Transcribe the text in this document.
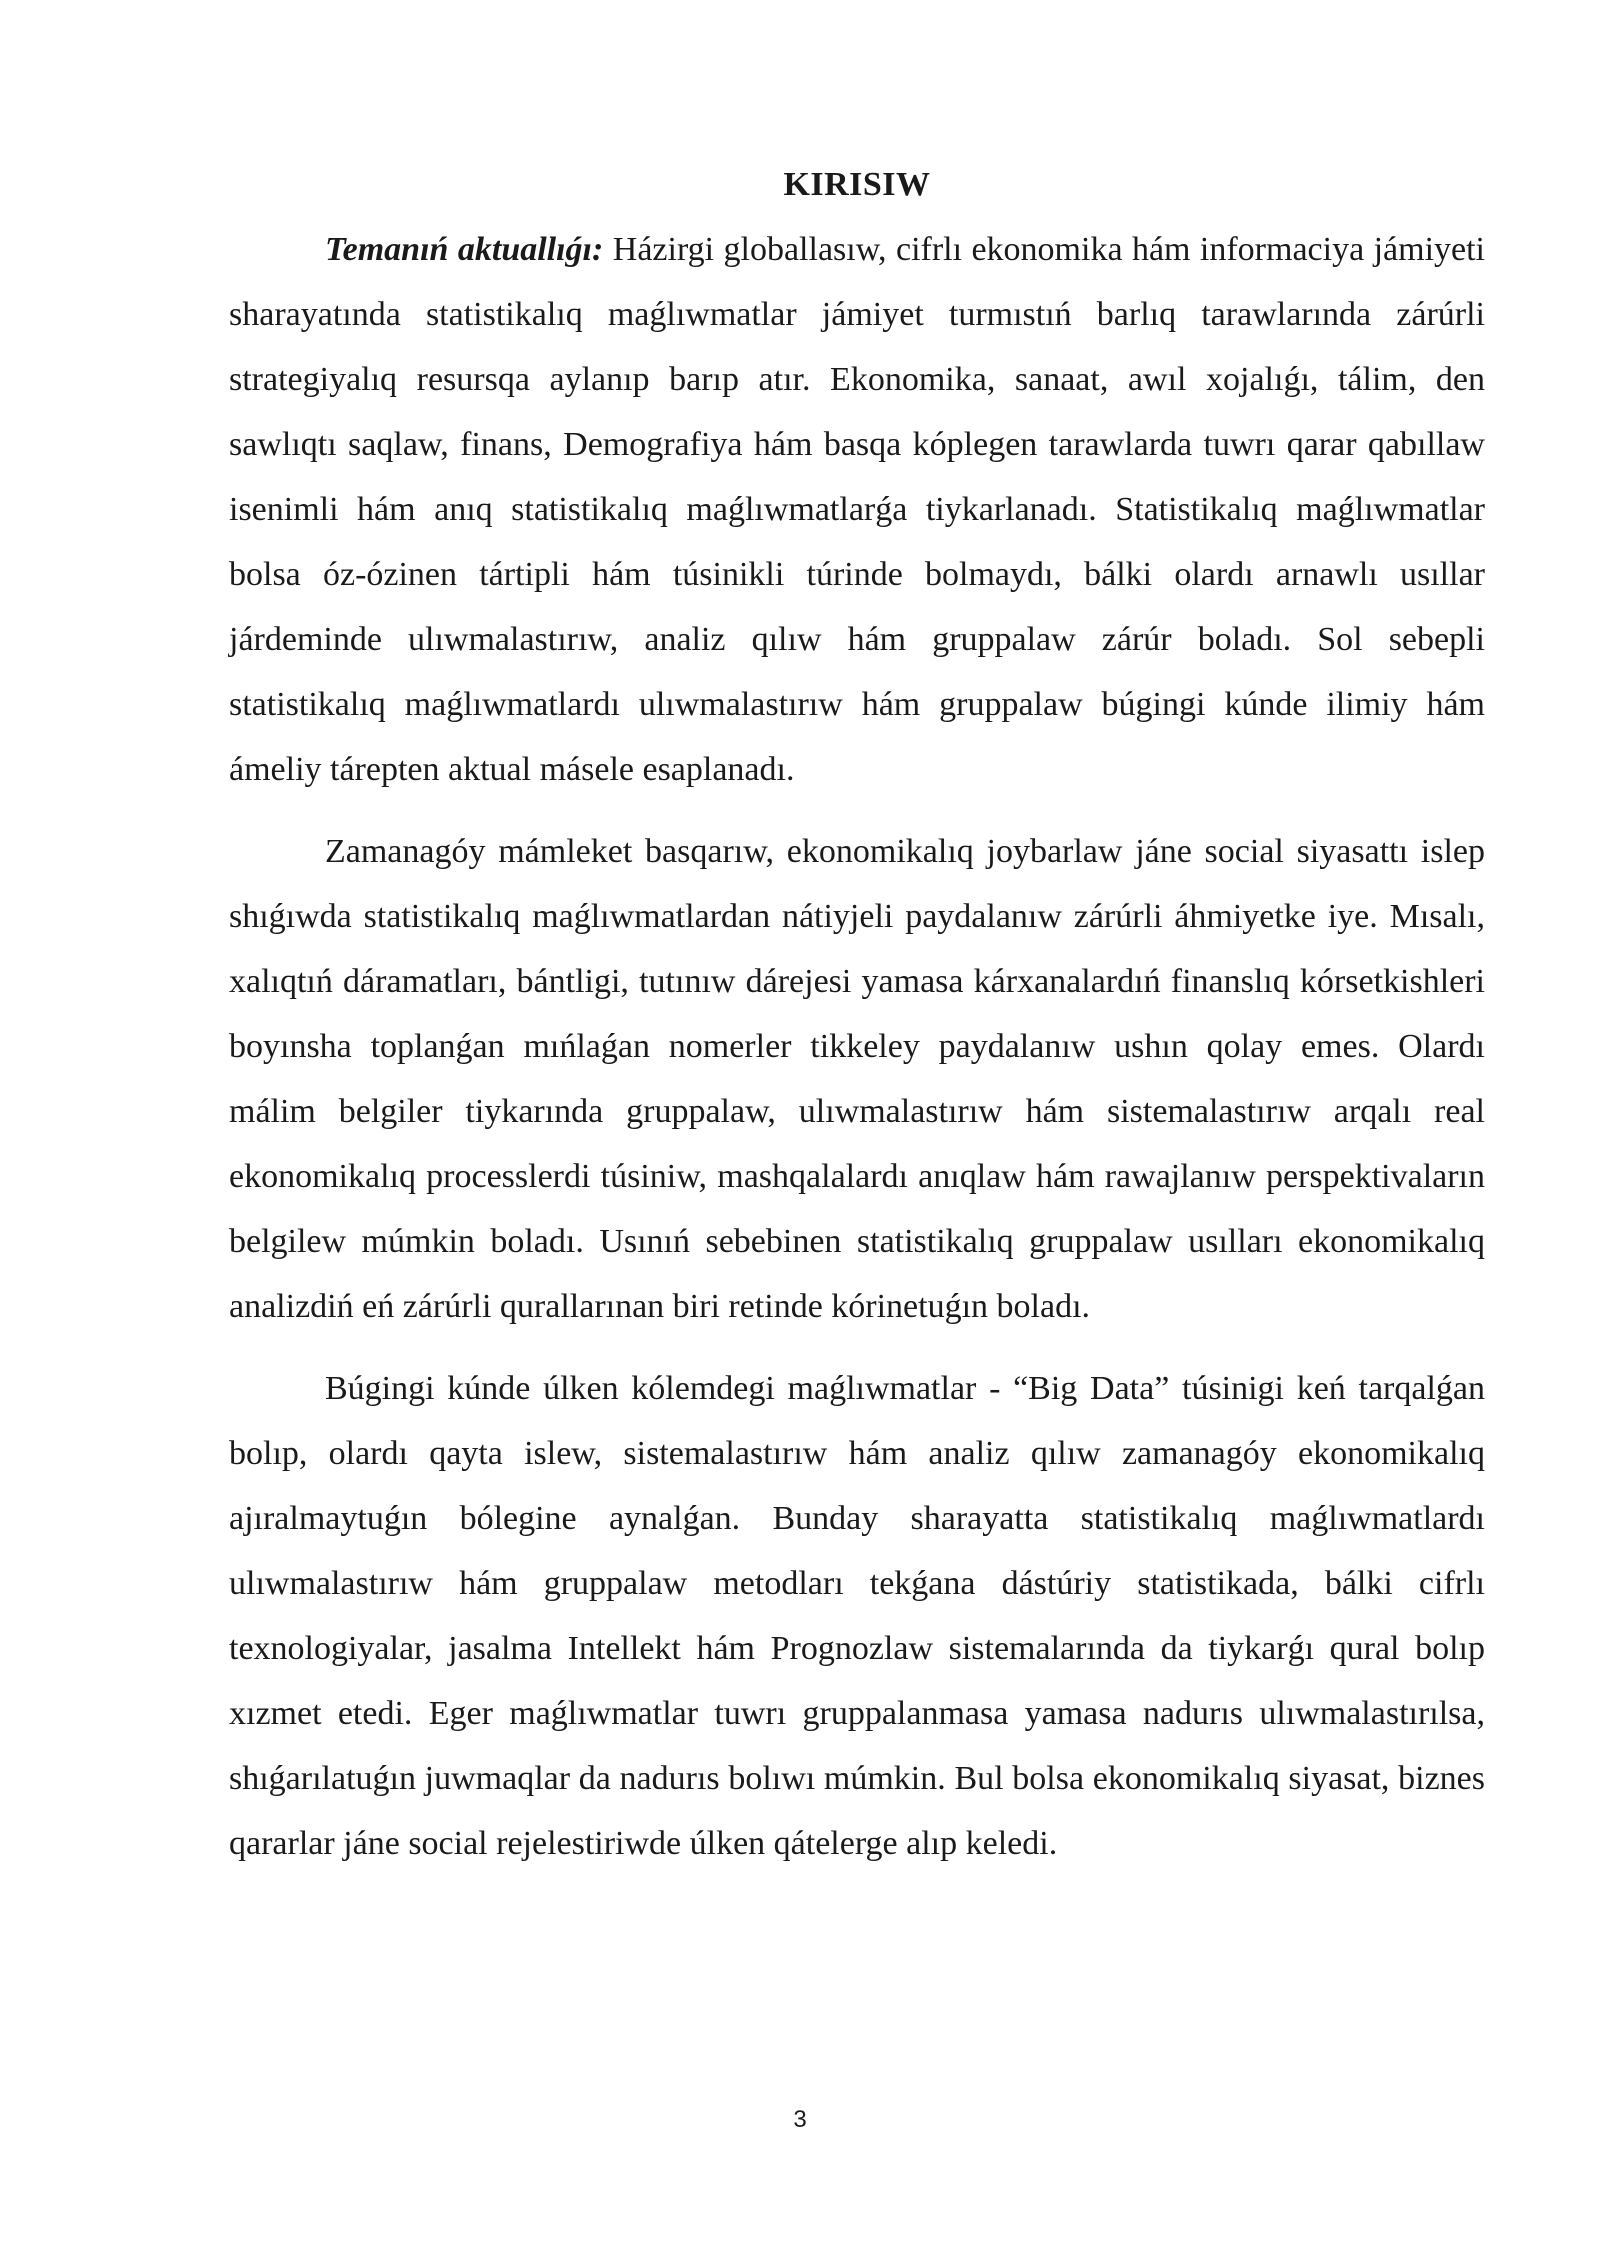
KIRISIW

Temanıń aktuallıǵı: Házirgi globallasıw, cifrlı ekonomika hám informaciya jámiyeti sharayatında statistikalıq maǵlıwmatlar jámiyet turmıstıń barlıq tarawlarında zárúrli strategiyalıq resursqa aylanıp barıp atır. Ekonomika, sanaat, awıl xojalıǵı, tálim, den sawlıqtı saqlaw, finans, Demografiya hám basqa kóplegen tarawlarda tuwrı qarar qabıllaw isenimli hám anıq statistikalıq maǵlıwmatlarǵa tiykarlanadı. Statistikalıq maǵlıwmatlar bolsa óz-ózinen tártipli hám túsinikli túrinde bolmaydı, bálki olardı arnawlı usıllar járdeminde ulıwmalastırıw, analiz qılıw hám gruppalaw zárúr boladı. Sol sebepli statistikalıq maǵlıwmatlardı ulıwmalastırıw hám gruppalaw búgingi kúnde ilimiy hám ámeliy tárepten aktual másele esaplanadı.

Zamanagóy mámleket basqarıw, ekonomikalıq joybarlaw jáne social siyasattı islep shıǵıwda statistikalıq maǵlıwmatlardan nátiyjeli paydalanıw zárúrli áhmiyetke iye. Mısalı, xalıqtıń dáramatları, bántligi, tutınıw dárejesi yamasa kárxanalardıń finanslıq kórsetkishleri boyınsha toplanǵan mıńlaǵan nomerler tikkeley paydalanıw ushın qolay emes. Olardı málim belgiler tiykarında gruppalaw, ulıwmalastırıw hám sistemalastırıw arqalı real ekonomikalıq processlerdi túsiniw, mashqalalardı anıqlaw hám rawajlanıw perspektivaların belgilew múmkin boladı. Usınıń sebebinen statistikalıq gruppalaw usılları ekonomikalıq analizdiń eń zárúrli qurallarınan biri retinde kórinetuǵın boladı.

Búgingi kúnde úlken kólemdegi maǵlıwmatlar - “Big Data” túsinigi keń tarqalǵan bolıp, olardı qayta islew, sistemalastırıw hám analiz qılıw zamanagóy ekonomikalıq ajıralmaytuǵın bólegine aynalǵan. Bunday sharayatta statistikalıq maǵlıwmatlardı ulıwmalastırıw hám gruppalaw metodları tekǵana dástúriy statistikada, bálki cifrlı texnologiyalar, jasalma Intellekt hám Prognozlaw sistemalarında da tiykarǵı qural bolıp xızmet etedi. Eger maǵlıwmatlar tuwrı gruppalanmasa yamasa nadurıs ulıwmalastırılsa, shıǵarılatuǵın juwmaqlar da nadurıs bolıwı múmkin. Bul bolsa ekonomikalıq siyasat, biznes qararlar jáne social rejelestiriwde úlken qátelerge alıp keledi.

3
